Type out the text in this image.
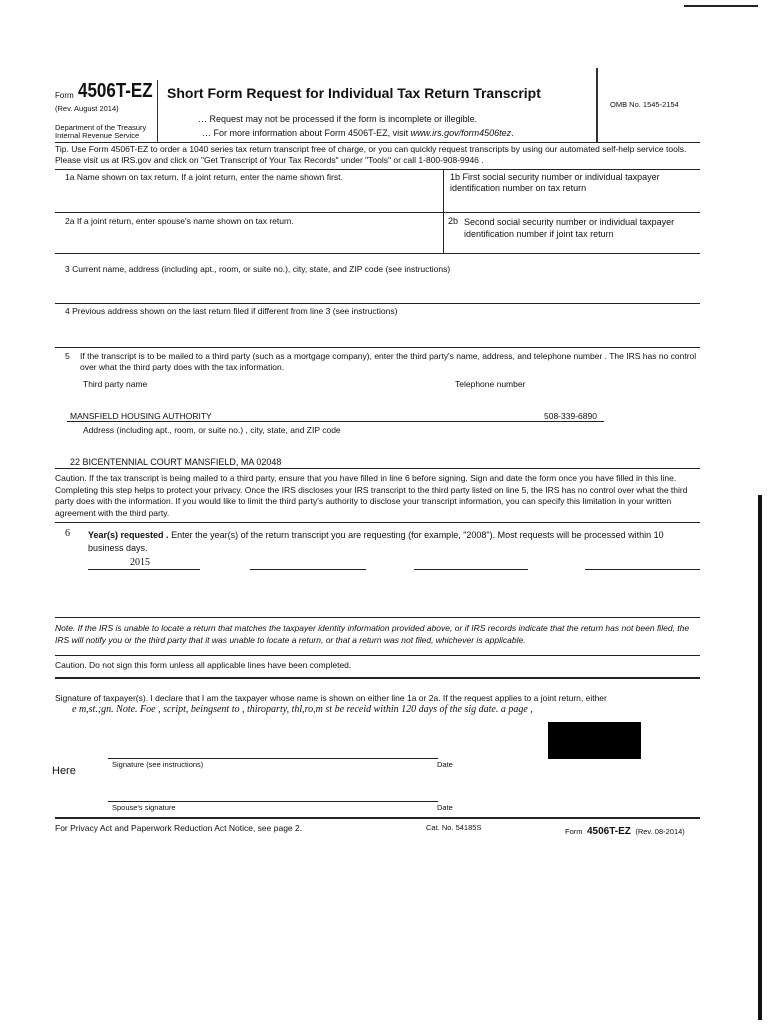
Form 4506T-EZ
(Rev. August 2014)
Department of the Treasury
Internal Revenue Service
Short Form Request for Individual Tax Return Transcript
… Request may not be processed if the form is incomplete or illegible.
… For more information about Form 4506T-EZ, visit www.irs.gov/form4506tez.
OMB No. 1545-2154
Tip. Use Form 4506T-EZ to order a 1040 series tax return transcript free of charge, or you can quickly request transcripts by using our automated self-help service tools. Please visit us at IRS.gov and click on "Get Transcript of Your Tax Records" under "Tools" or call 1-800-908-9946 .
1a Name shown on tax return. If a joint return, enter the name shown first.	1b First social security number or individual taxpayer identification number on tax return
2a If a joint return, enter spouse's name shown on tax return.	2b Second social security number or individual taxpayer identification number if joint tax return
3 Current name, address (including apt., room, or suite no.), city, state, and ZIP code (see instructions)
4 Previous address shown on the last return filed if different from line 3 (see instructions)
5 If the transcript is to be mailed to a third party (such as a mortgage company), enter the third party's name, address, and telephone number . The IRS has no control over what the third party does with the tax information.
Third party name	Telephone number
MANSFIELD HOUSING AUTHORITY	508-339-6890
Address (including apt., room, or suite no.) , city, state, and ZIP code
22 BICENTENNIAL COURT MANSFIELD, MA 02048
Caution. If the tax transcript is being mailed to a third party, ensure that you have filled in line 6 before signing. Sign and date the form once you have filled in this line. Completing this step helps to protect your privacy. Once the IRS discloses your IRS transcript to the third party listed on line 5, the IRS has no control over what the third party does with the information. If you would like to limit the third party's authority to disclose your transcript information, you can specify this limitation in your written agreement with the third party.
6 Year(s) requested . Enter the year(s) of the return transcript you are requesting (for example, "2008"). Most requests will be processed within 10 business days.
2015
Note. If the IRS is unable to locate a return that matches the taxpayer identity information provided above, or if IRS records indicate that the return has not been filed, the IRS will notify you or the third party that it was unable to locate a return, or that a return was not filed, whichever is applicable.
Caution. Do not sign this form unless all applicable lines have been completed.
Signature of taxpayer(s). I declare that I am the taxpayer whose name is shown on either line 1a or 2a. If the request applies to a joint return, either
e m,st.;gn. Note. Foe , script, beingsent to , thiroparty, thl,ro,m st be receid within 120 days of the sig date. a page ,
Signature (see instructions)	Date
Here
Spouse's signature	Date
For Privacy Act and Paperwork Reduction Act Notice, see page 2.	Cat. No. 54185S	Form 4506T-EZ (Rev. 08-2014)
